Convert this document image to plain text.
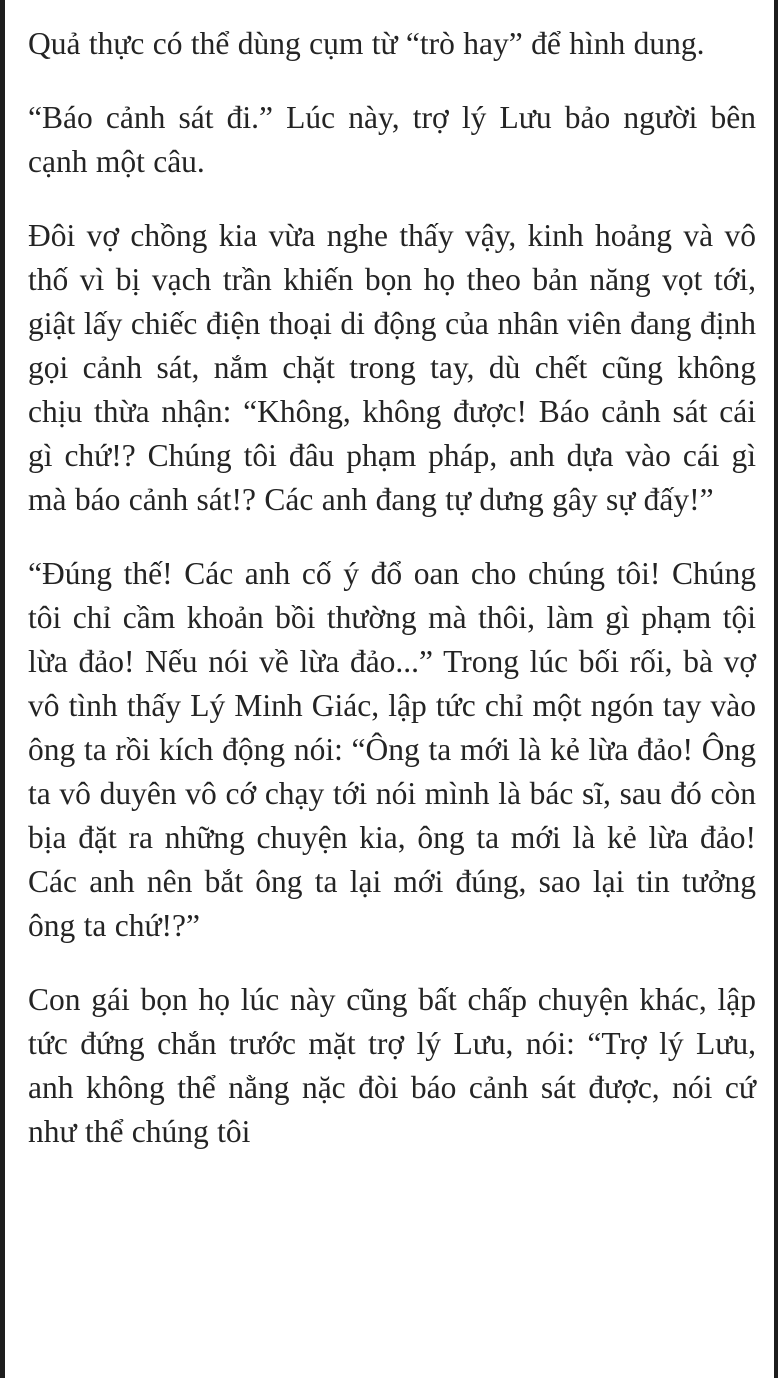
Quả thực có thể dùng cụm từ “trò hay” để hình dung.

“Báo cảnh sát đi.” Lúc này, trợ lý Lưu bảo người bên cạnh một câu.

Đôi vợ chồng kia vừa nghe thấy vậy, kinh hoảng và vô thố vì bị vạch trần khiến bọn họ theo bản năng vọt tới, giật lấy chiếc điện thoại di động của nhân viên đang định gọi cảnh sát, nắm chặt trong tay, dù chết cũng không chịu thừa nhận: “Không, không được! Báo cảnh sát cái gì chứ!? Chúng tôi đâu phạm pháp, anh dựa vào cái gì mà báo cảnh sát!? Các anh đang tự dưng gây sự đấy!”

“Đúng thế! Các anh cố ý đổ oan cho chúng tôi! Chúng tôi chỉ cầm khoản bồi thường mà thôi, làm gì phạm tội lừa đảo! Nếu nói về lừa đảo...” Trong lúc bối rối, bà vợ vô tình thấy Lý Minh Giác, lập tức chỉ một ngón tay vào ông ta rồi kích động nói: “Ông ta mới là kẻ lừa đảo! Ông ta vô duyên vô cớ chạy tới nói mình là bác sĩ, sau đó còn bịa đặt ra những chuyện kia, ông ta mới là kẻ lừa đảo! Các anh nên bắt ông ta lại mới đúng, sao lại tin tưởng ông ta chứ!?”

Con gái bọn họ lúc này cũng bất chấp chuyện khác, lập tức đứng chắn trước mặt trợ lý Lưu, nói: “Trợ lý Lưu, anh không thể nằng nặc đòi báo cảnh sát được, nói cứ như thể chúng tôi
